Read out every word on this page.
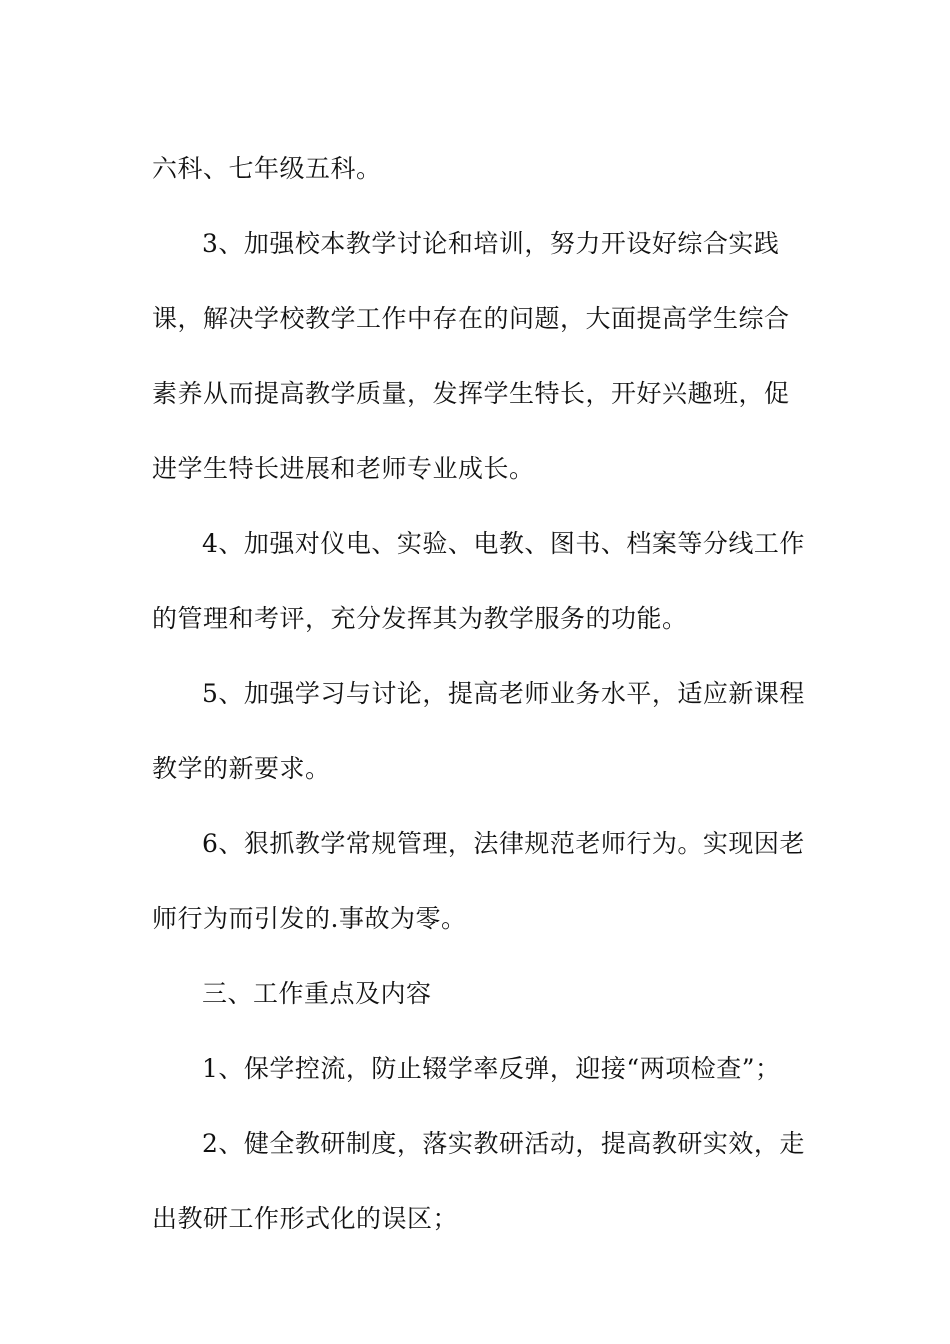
六科、七年级五科。
3、加强校本教学讨论和培训，努力开设好综合实践
课，解决学校教学工作中存在的问题，大面提高学生综合
素养从而提高教学质量，发挥学生特长，开好兴趣班，促
进学生特长进展和老师专业成长。
4、加强对仪电、实验、电教、图书、档案等分线工作
的管理和考评，充分发挥其为教学服务的功能。
5、加强学习与讨论，提高老师业务水平，适应新课程
教学的新要求。
6、狠抓教学常规管理，法律规范老师行为。实现因老
师行为而引发的.事故为零。
三、工作重点及内容
1、保学控流，防止辍学率反弹，迎接“两项检查”；
2、健全教研制度，落实教研活动，提高教研实效，走
出教研工作形式化的误区；
